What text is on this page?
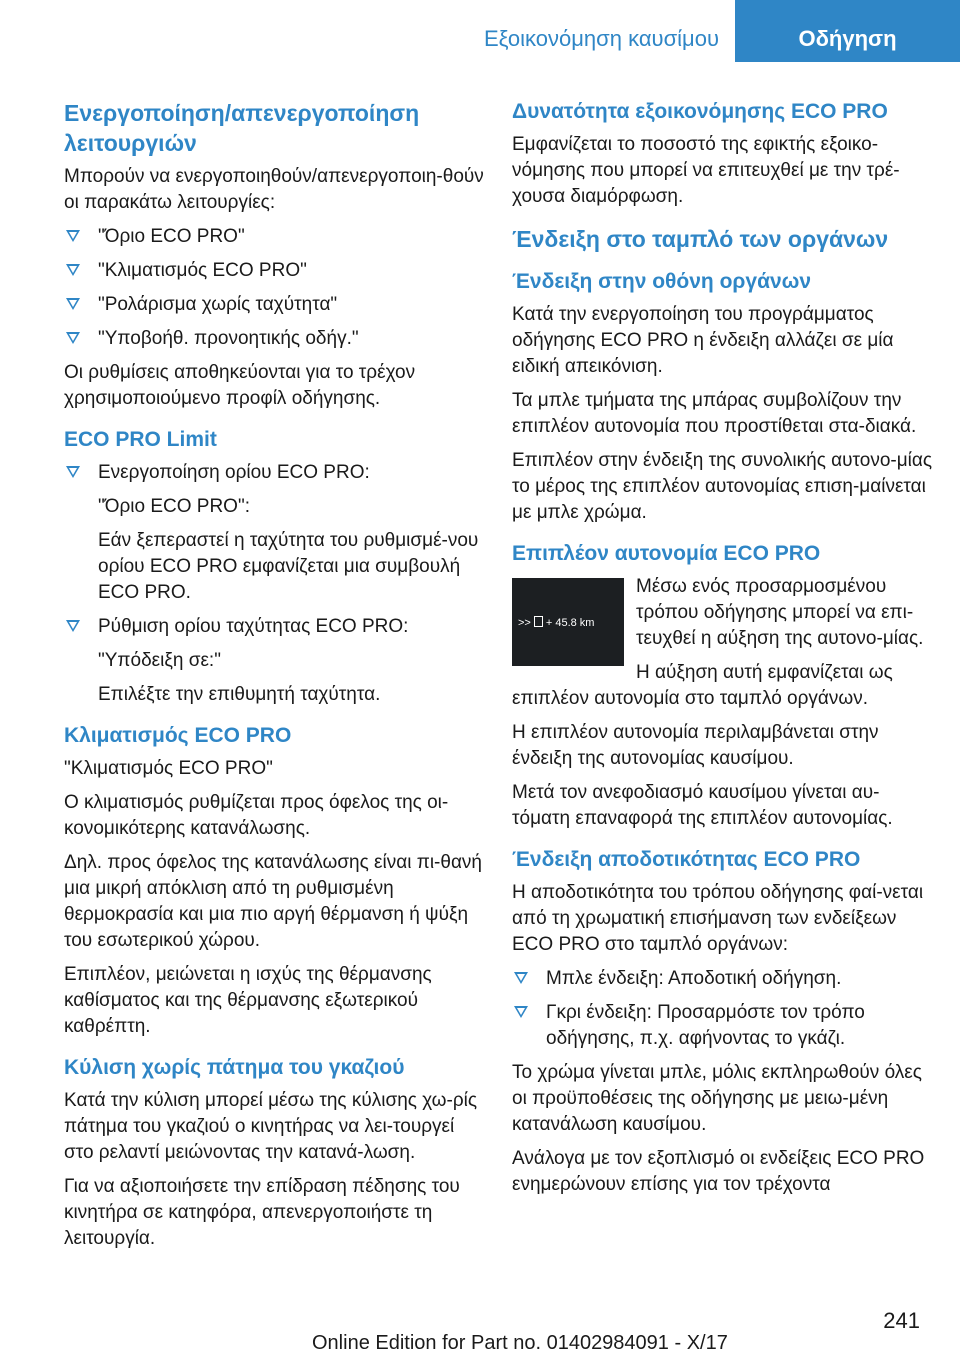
Εξοικονόμηση καυσίμου	Οδήγηση
Ενεργοποίηση/απενεργοποίηση λειτουργιών

Μπορούν να ενεργοποιηθούν/απενεργοποιη-θούν οι παρακάτω λειτουργίες:

"Όριο ECO PRO"
"Κλιματισμός ECO PRO"
"Ρολάρισμα χωρίς ταχύτητα"
"Υποβοήθ. προνοητικής οδήγ."

Οι ρυθμίσεις αποθηκεύονται για το τρέχον χρησιμοποιούμενο προφίλ οδήγησης.

ECO PRO Limit
Ενεργοποίηση ορίου ECO PRO:
"Όριο ECO PRO":
Εάν ξεπεραστεί η ταχύτητα του ρυθμισμέ-νου ορίου ECO PRO εμφανίζεται μια συμβουλή ECO PRO.
Ρύθμιση ορίου ταχύτητας ECO PRO:
"Υπόδειξη σε:"
Επιλέξτε την επιθυμητή ταχύτητα.
Κλιματισμός ECO PRO

"Κλιματισμός ECO PRO"

Ο κλιματισμός ρυθμίζεται προς όφελος της οι-κονομικότερης κατανάλωσης.

Δηλ. προς όφελος της κατανάλωσης είναι πι-θανή μια μικρή απόκλιση από τη ρυθμισμένη θερμοκρασία και μια πιο αργή θέρμανση ή ψύξη του εσωτερικού χώρου.

Επιπλέον, μειώνεται η ισχύς της θέρμανσης καθίσματος και της θέρμανσης εξωτερικού καθρέπτη.

Κύλιση χωρίς πάτημα του γκαζιού

Κατά την κύλιση μπορεί μέσω της κύλισης χω-ρίς πάτημα του γκαζιού ο κινητήρας να λει-τουργεί στο ρελαντί μειώνοντας την κατανά-λωση.

Για να αξιοποιήσετε την επίδραση πέδησης του κινητήρα σε κατηφόρα, απενεργοποιήστε τη λειτουργία.

Δυνατότητα εξοικονόμησης ECO PRO

Εμφανίζεται το ποσοστό της εφικτής εξοικο-νόμησης που μπορεί να επιτευχθεί με την τρέ-χουσα διαμόρφωση.

Ένδειξη στο ταμπλό των οργάνων
Ένδειξη στην οθόνη οργάνων

Κατά την ενεργοποίηση του προγράμματος οδήγησης ECO PRO η ένδειξη αλλάζει σε μία ειδική απεικόνιση.

Τα μπλε τμήματα της μπάρας συμβολίζουν την επιπλέον αυτονομία που προστίθεται στα-διακά.

Επιπλέον στην ένδειξη της συνολικής αυτονο-μίας το μέρος της επιπλέον αυτονομίας επιση-μαίνεται με μπλε χρώμα.

Επιπλέον αυτονομία ECO PRO
>> + 45.8 km

Μέσω ενός προσαρμοσμένου τρόπου οδήγησης μπορεί να επι-τευχθεί η αύξηση της αυτονο-μίας.

Η αύξηση αυτή εμφανίζεται ως επιπλέον αυτονομία στο ταμπλό οργάνων.

Η επιπλέον αυτονομία περιλαμβάνεται στην ένδειξη της αυτονομίας καυσίμου.

Μετά τον ανεφοδιασμό καυσίμου γίνεται αυ-τόματη επαναφορά της επιπλέον αυτονομίας.

Ένδειξη αποδοτικότητας ECO PRO

Η αποδοτικότητα του τρόπου οδήγησης φαί-νεται από τη χρωματική επισήμανση των ενδείξεων ECO PRO στο ταμπλό οργάνων:

Μπλε ένδειξη: Αποδοτική οδήγηση.
Γκρι ένδειξη: Προσαρμόστε τον τρόπο οδήγησης, π.χ. αφήνοντας το γκάζι.

Το χρώμα γίνεται μπλε, μόλις εκπληρωθούν όλες οι προϋποθέσεις της οδήγησης με μειω-μένη κατανάλωση καυσίμου.

Ανάλογα με τον εξοπλισμό οι ενδείξεις ECO PRO ενημερώνουν επίσης για τον τρέχοντα

241
Online Edition for Part no. 01402984091 - X/17
